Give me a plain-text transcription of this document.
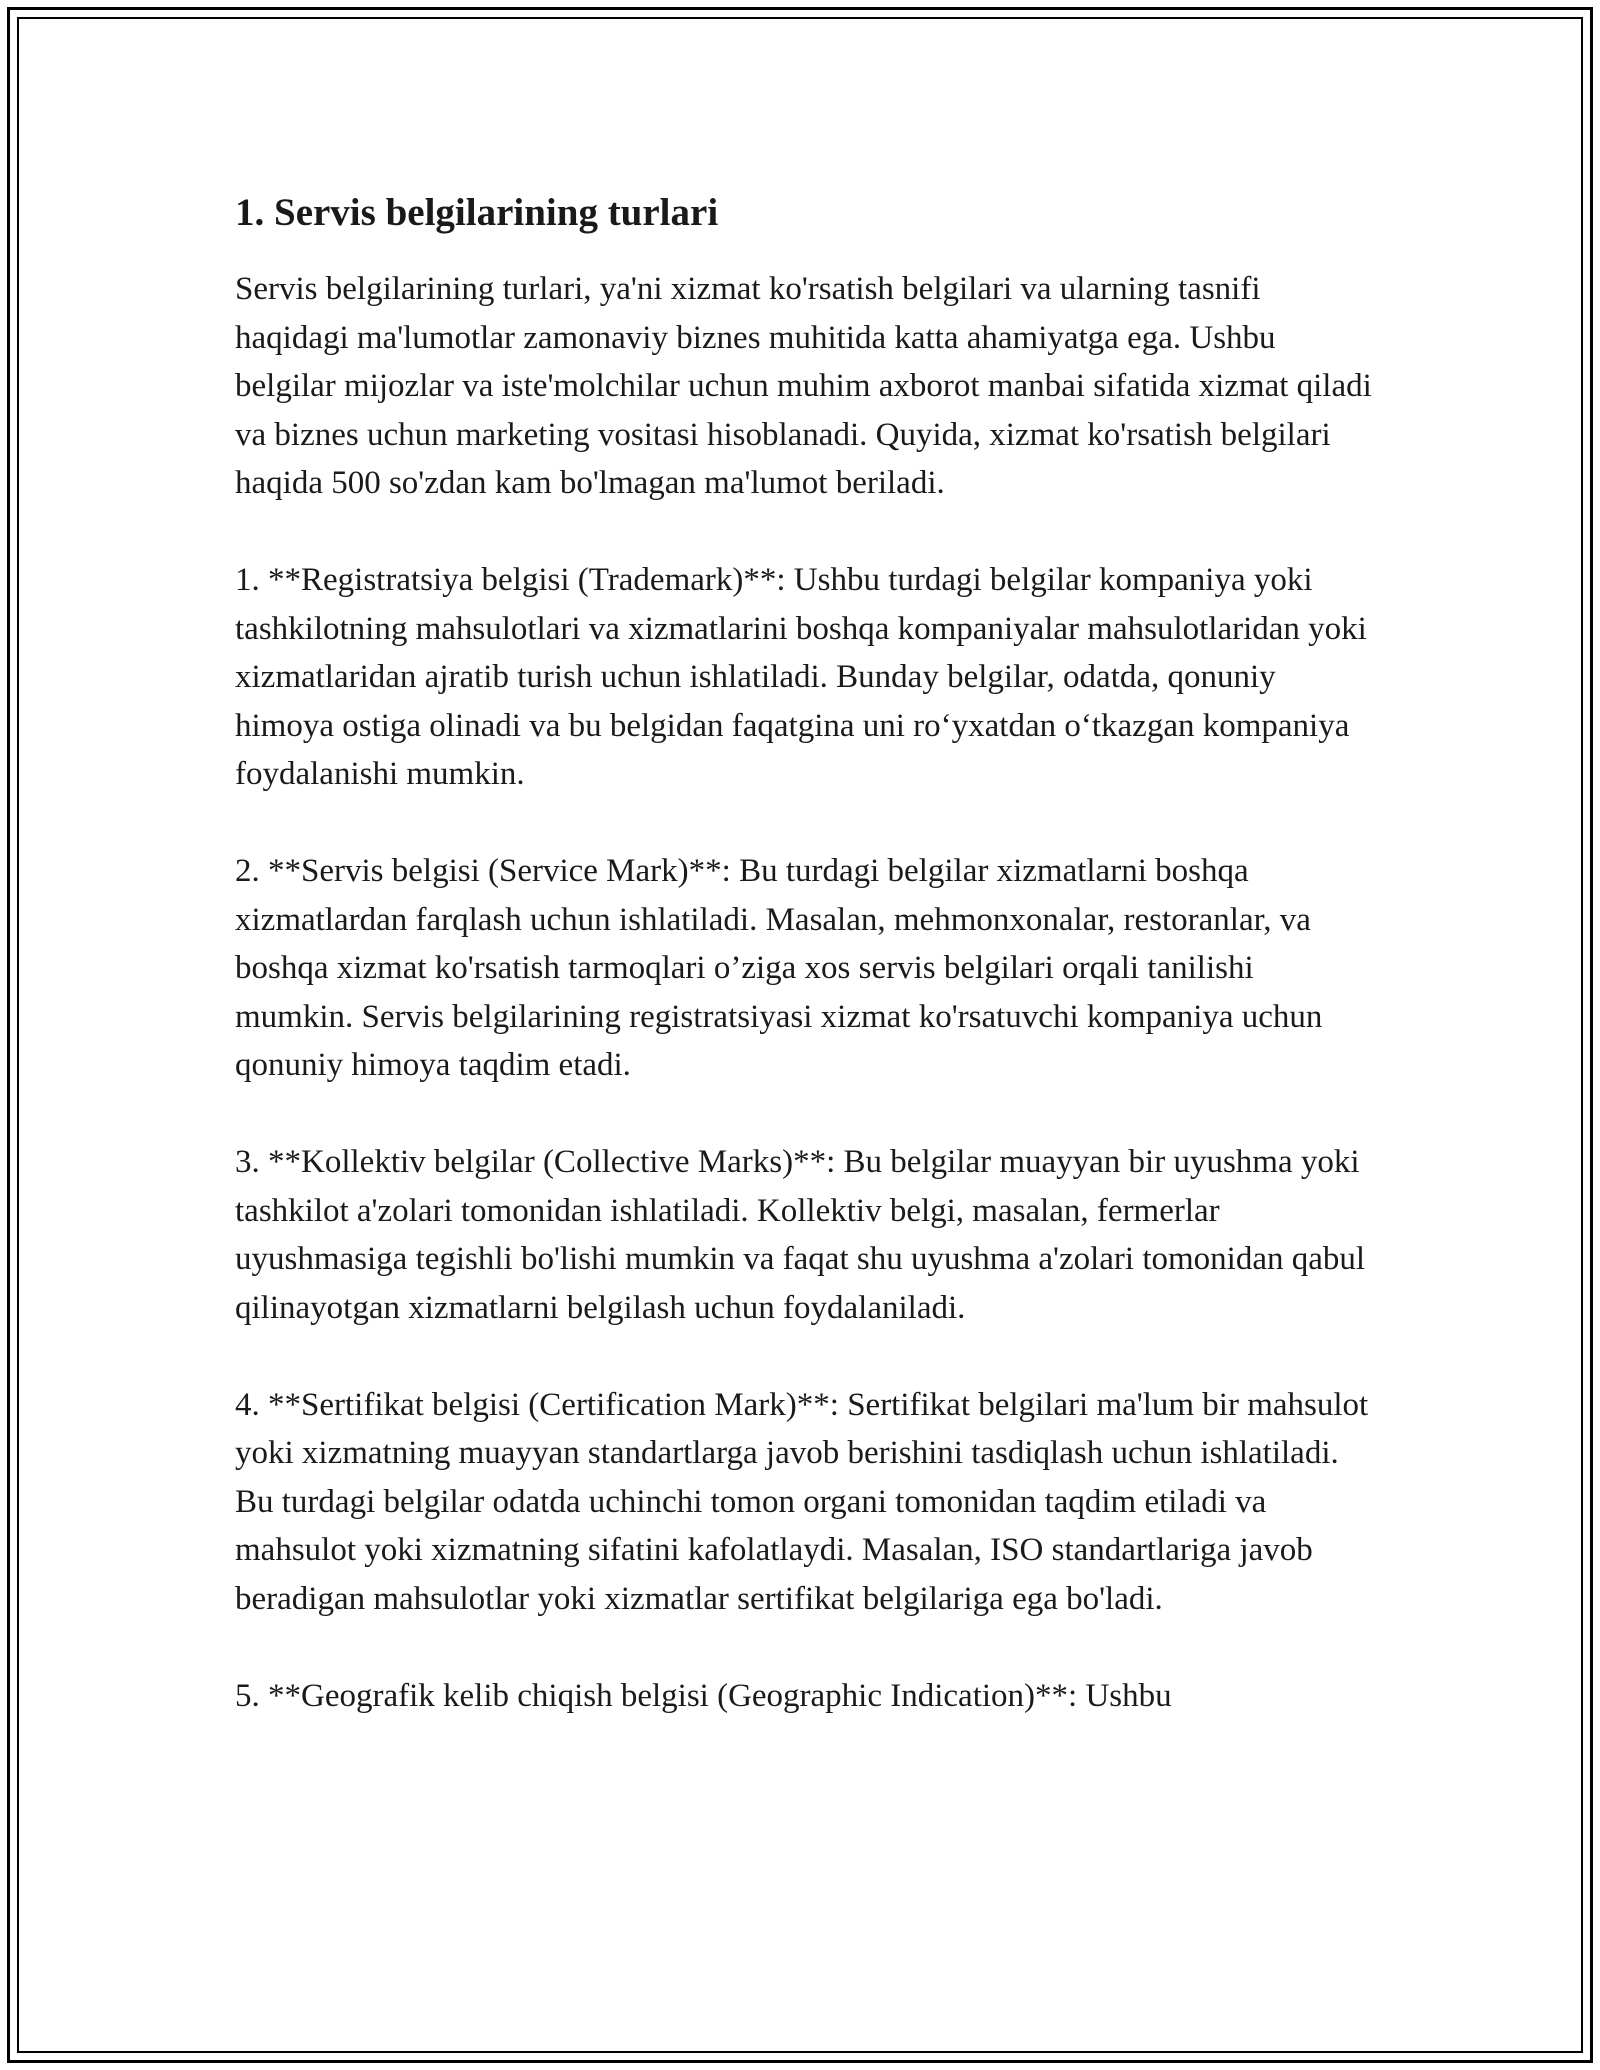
1. Servis belgilarining turlari

Servis belgilarining turlari, ya'ni xizmat ko'rsatish belgilari va ularning tasnifi haqidagi ma'lumotlar zamonaviy biznes muhitida katta ahamiyatga ega. Ushbu belgilar mijozlar va iste'molchilar uchun muhim axborot manbai sifatida xizmat qiladi va biznes uchun marketing vositasi hisoblanadi. Quyida, xizmat ko'rsatish belgilari haqida 500 so'zdan kam bo'lmagan ma'lumot beriladi.

1. **Registratsiya belgisi (Trademark)**: Ushbu turdagi belgilar kompaniya yoki tashkilotning mahsulotlari va xizmatlarini boshqa kompaniyalar mahsulotlaridan yoki xizmatlaridan ajratib turish uchun ishlatiladi. Bunday belgilar, odatda, qonuniy himoya ostiga olinadi va bu belgidan faqatgina uni ro‘yxatdan o‘tkazgan kompaniya foydalanishi mumkin.

2. **Servis belgisi (Service Mark)**: Bu turdagi belgilar xizmatlarni boshqa xizmatlardan farqlash uchun ishlatiladi. Masalan, mehmonxonalar, restoranlar, va boshqa xizmat ko'rsatish tarmoqlari o’ziga xos servis belgilari orqali tanilishi mumkin. Servis belgilarining registratsiyasi xizmat ko'rsatuvchi kompaniya uchun qonuniy himoya taqdim etadi.

3. **Kollektiv belgilar (Collective Marks)**: Bu belgilar muayyan bir uyushma yoki tashkilot a'zolari tomonidan ishlatiladi. Kollektiv belgi, masalan, fermerlar uyushmasiga tegishli bo'lishi mumkin va faqat shu uyushma a'zolari tomonidan qabul qilinayotgan xizmatlarni belgilash uchun foydalaniladi.

4. **Sertifikat belgisi (Certification Mark)**: Sertifikat belgilari ma'lum bir mahsulot yoki xizmatning muayyan standartlarga javob berishini tasdiqlash uchun ishlatiladi. Bu turdagi belgilar odatda uchinchi tomon organi tomonidan taqdim etiladi va mahsulot yoki xizmatning sifatini kafolatlaydi. Masalan, ISO standartlariga javob beradigan mahsulotlar yoki xizmatlar sertifikat belgilariga ega bo'ladi.

5. **Geografik kelib chiqish belgisi (Geographic Indication)**: Ushbu
